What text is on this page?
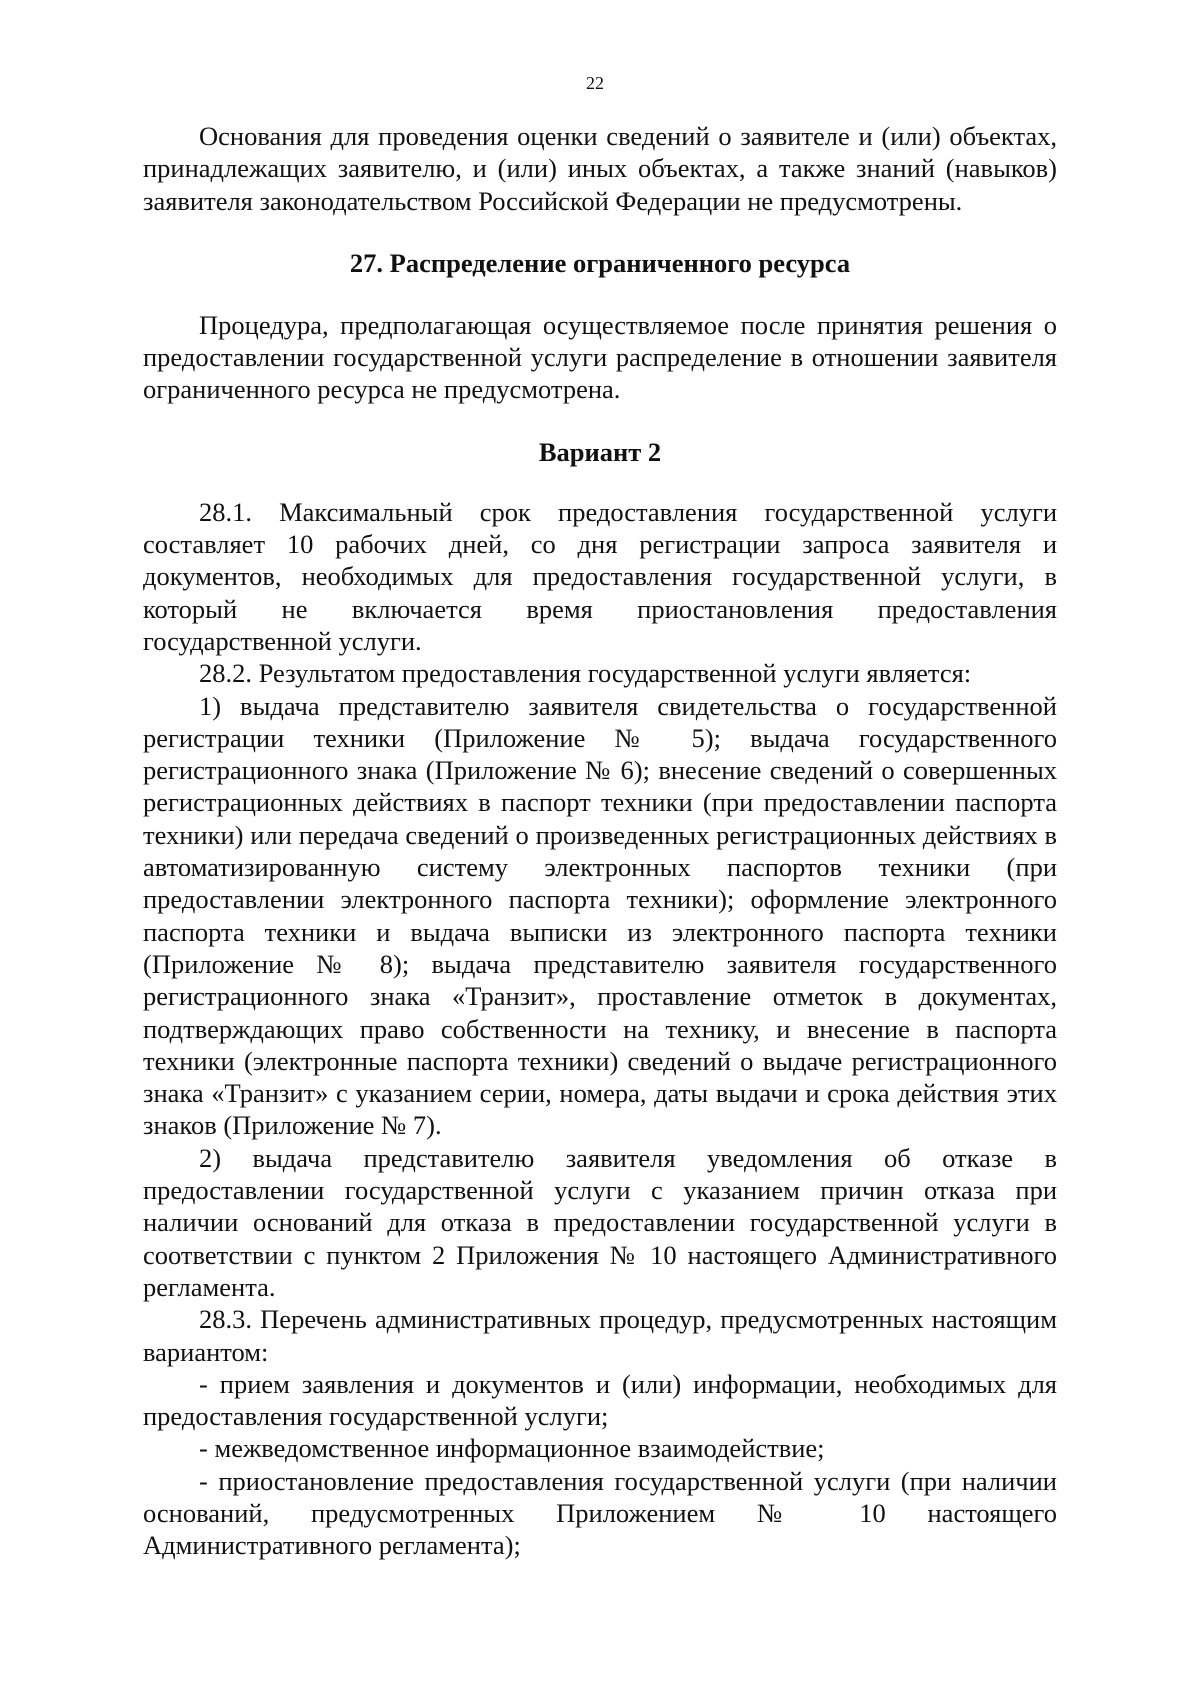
22

Основания для проведения оценки сведений о заявителе и (или) объектах, принадлежащих заявителю, и (или) иных объектах, а также знаний (навыков) заявителя законодательством Российской Федерации не предусмотрены.

27. Распределение ограниченного ресурса

Процедура, предполагающая осуществляемое после принятия решения о предоставлении государственной услуги распределение в отношении заявителя ограниченного ресурса не предусмотрена.

Вариант 2

28.1. Максимальный срок предоставления государственной услуги составляет 10 рабочих дней, со дня регистрации запроса заявителя и документов, необходимых для предоставления государственной услуги, в который не включается время приостановления предоставления государственной услуги.

28.2. Результатом предоставления государственной услуги является:

1) выдача представителю заявителя свидетельства о государственной регистрации техники (Приложение № 5); выдача государственного регистрационного знака (Приложение № 6); внесение сведений о совершенных регистрационных действиях в паспорт техники (при предоставлении паспорта техники) или передача сведений о произведенных регистрационных действиях в автоматизированную систему электронных паспортов техники (при предоставлении электронного паспорта техники); оформление электронного паспорта техники и выдача выписки из электронного паспорта техники (Приложение № 8); выдача представителю заявителя государственного регистрационного знака «Транзит», проставление отметок в документах, подтверждающих право собственности на технику, и внесение в паспорта техники (электронные паспорта техники) сведений о выдаче регистрационного знака «Транзит» с указанием серии, номера, даты выдачи и срока действия этих знаков (Приложение № 7).

2) выдача представителю заявителя уведомления об отказе в предоставлении государственной услуги с указанием причин отказа при наличии оснований для отказа в предоставлении государственной услуги в соответствии с пунктом 2 Приложения № 10 настоящего Административного регламента.

28.3. Перечень административных процедур, предусмотренных настоящим вариантом:

- прием заявления и документов и (или) информации, необходимых для предоставления государственной услуги;

- межведомственное информационное взаимодействие;

- приостановление предоставления государственной услуги (при наличии оснований, предусмотренных Приложением № 10 настоящего Административного регламента);
